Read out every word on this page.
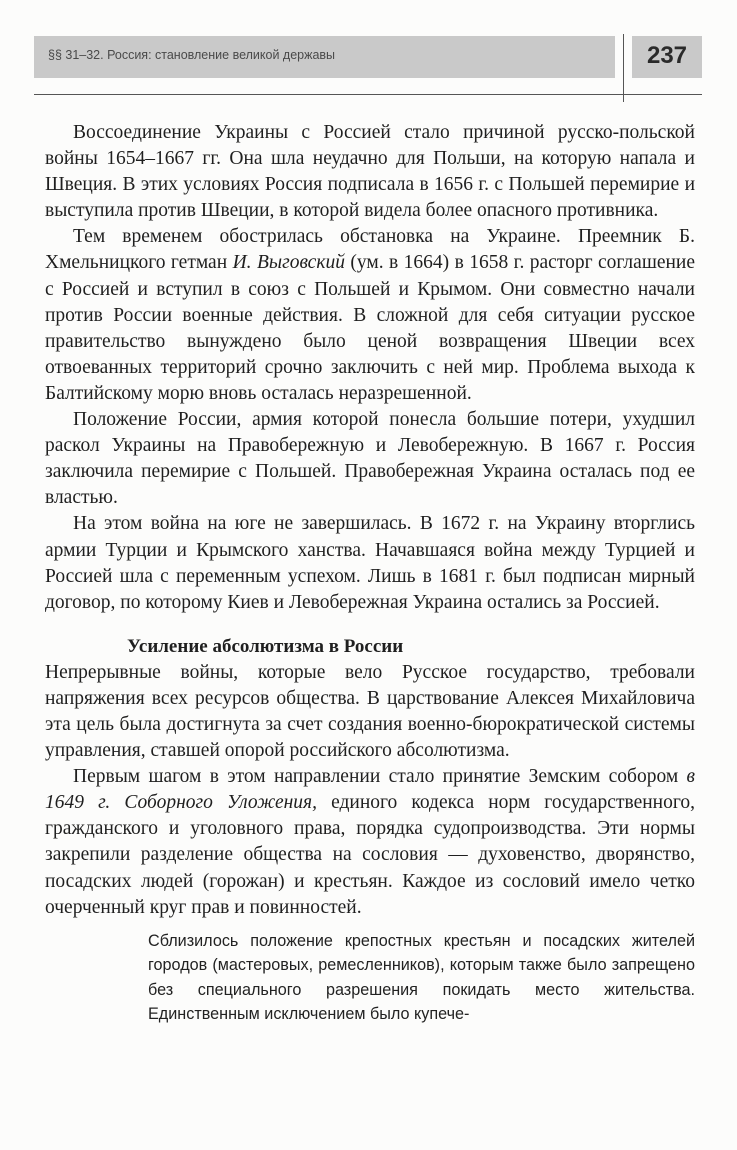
§§ 31–32. Россия: становление великой державы	237

Воссоединение Украины с Россией стало причиной русско-польской войны 1654–1667 гг. Она шла неудачно для Польши, на которую напала и Швеция. В этих условиях Россия подписала в 1656 г. с Польшей перемирие и выступила против Швеции, в которой видела более опасного противника.

Тем временем обострилась обстановка на Украине. Преемник Б. Хмельницкого гетман И. Выговский (ум. в 1664) в 1658 г. расторг соглашение с Россией и вступил в союз с Польшей и Крымом. Они совместно начали против России военные действия. В сложной для себя ситуации русское правительство вынуждено было ценой возвращения Швеции всех отвоеванных территорий срочно заключить с ней мир. Проблема выхода к Балтийскому морю вновь осталась неразрешенной.

Положение России, армия которой понесла большие потери, ухудшил раскол Украины на Правобережную и Левобережную. В 1667 г. Россия заключила перемирие с Польшей. Правобережная Украина осталась под ее властью.

На этом война на юге не завершилась. В 1672 г. на Украину вторглись армии Турции и Крымского ханства. Начавшаяся война между Турцией и Россией шла с переменным успехом. Лишь в 1681 г. был подписан мирный договор, по которому Киев и Левобережная Украина остались за Россией.

Усиление абсолютизма в России

Непрерывные войны, которые вело Русское государство, требовали напряжения всех ресурсов общества. В царствование Алексея Михайловича эта цель была достигнута за счет создания военно-бюрократической системы управления, ставшей опорой российского абсолютизма.

Первым шагом в этом направлении стало принятие Земским собором в 1649 г. Соборного Уложения, единого кодекса норм государственного, гражданского и уголовного права, порядка судопроизводства. Эти нормы закрепили разделение общества на сословия — духовенство, дворянство, посадских людей (горожан) и крестьян. Каждое из сословий имело четко очерченный круг прав и повинностей.

Сблизилось положение крепостных крестьян и посадских жителей городов (мастеровых, ремесленников), которым также было запрещено без специального разрешения покидать место жительства. Единственным исключением было купече-
